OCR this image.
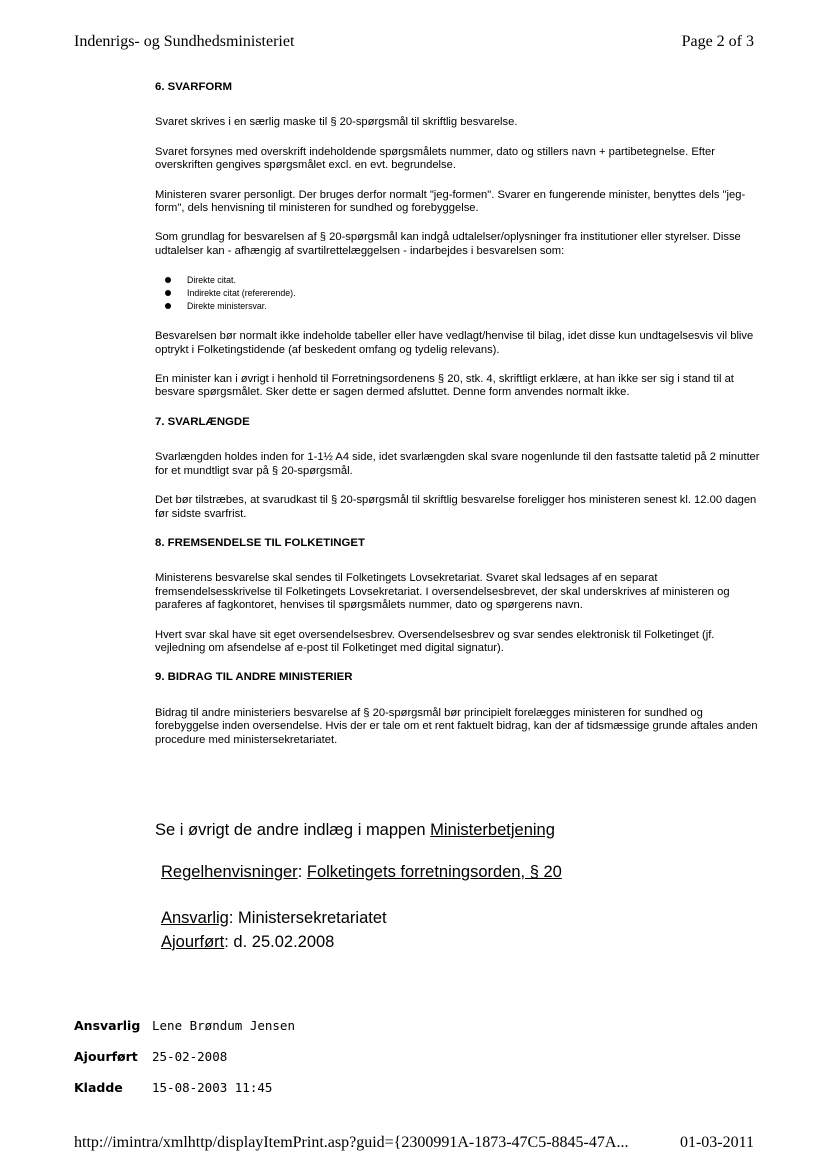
Indenrigs- og Sundhedsministeriet	Page 2 of 3
6. SVARFORM

Svaret skrives i en særlig maske til § 20-spørgsmål til skriftlig besvarelse.

Svaret forsynes med overskrift indeholdende spørgsmålets nummer, dato og stillers navn + partibetegnelse. Efter overskriften gengives spørgsmålet excl. en evt. begrundelse.

Ministeren svarer personligt. Der bruges derfor normalt "jeg-formen". Svarer en fungerende minister, benyttes dels "jeg-form", dels henvisning til ministeren for sundhed og forebyggelse.

Som grundlag for besvarelsen af § 20-spørgsmål kan indgå udtalelser/oplysninger fra institutioner eller styrelser. Disse udtalelser kan - afhængig af svartilrettelæggelsen - indarbejdes i besvarelsen som:

Direkte citat.
Indirekte citat (refererende).
Direkte ministersvar.

Besvarelsen bør normalt ikke indeholde tabeller eller have vedlagt/henvise til bilag, idet disse kun undtagelsesvis vil blive optrykt i Folketingstidende (af beskedent omfang og tydelig relevans).

En minister kan i øvrigt i henhold til Forretningsordenens § 20, stk. 4, skriftligt erklære, at han ikke ser sig i stand til at besvare spørgsmålet. Sker dette er sagen dermed afsluttet. Denne form anvendes normalt ikke.

7. SVARLÆNGDE

Svarlængden holdes inden for 1-1½ A4 side, idet svarlængden skal svare nogenlunde til den fastsatte taletid på 2 minutter for et mundtligt svar på § 20-spørgsmål.

Det bør tilstræbes, at svarudkast til § 20-spørgsmål til skriftlig besvarelse foreligger hos ministeren senest kl. 12.00 dagen før sidste svarfrist.

8. FREMSENDELSE TIL FOLKETINGET

Ministerens besvarelse skal sendes til Folketingets Lovsekretariat. Svaret skal ledsages af en separat fremsendelsesskrivelse til Folketingets Lovsekretariat. I oversendelsesbrevet, der skal underskrives af ministeren og paraferes af fagkontoret, henvises til spørgsmålets nummer, dato og spørgerens navn.

Hvert svar skal have sit eget oversendelsesbrev. Oversendelsesbrev og svar sendes elektronisk til Folketinget (jf. vejledning om afsendelse af e-post til Folketinget med digital signatur).

9. BIDRAG TIL ANDRE MINISTERIER

Bidrag til andre ministeriers besvarelse af § 20-spørgsmål bør principielt forelægges ministeren for sundhed og forebyggelse inden oversendelse. Hvis der er tale om et rent faktuelt bidrag, kan der af tidsmæssige grunde aftales anden procedure med ministersekretariatet.

Se i øvrigt de andre indlæg i mappen Ministerbetjening
Regelhenvisninger: Folketingets forretningsorden, § 20
Ansvarlig: Ministersekretariatet
Ajourført: d. 25.02.2008
Ansvarlig Lene Brøndum Jensen
Ajourført 25-02-2008
Kladde 15-08-2003 11:45
http://imintra/xmlhttp/displayItemPrint.asp?guid={2300991A-1873-47C5-8845-47A...	01-03-2011
